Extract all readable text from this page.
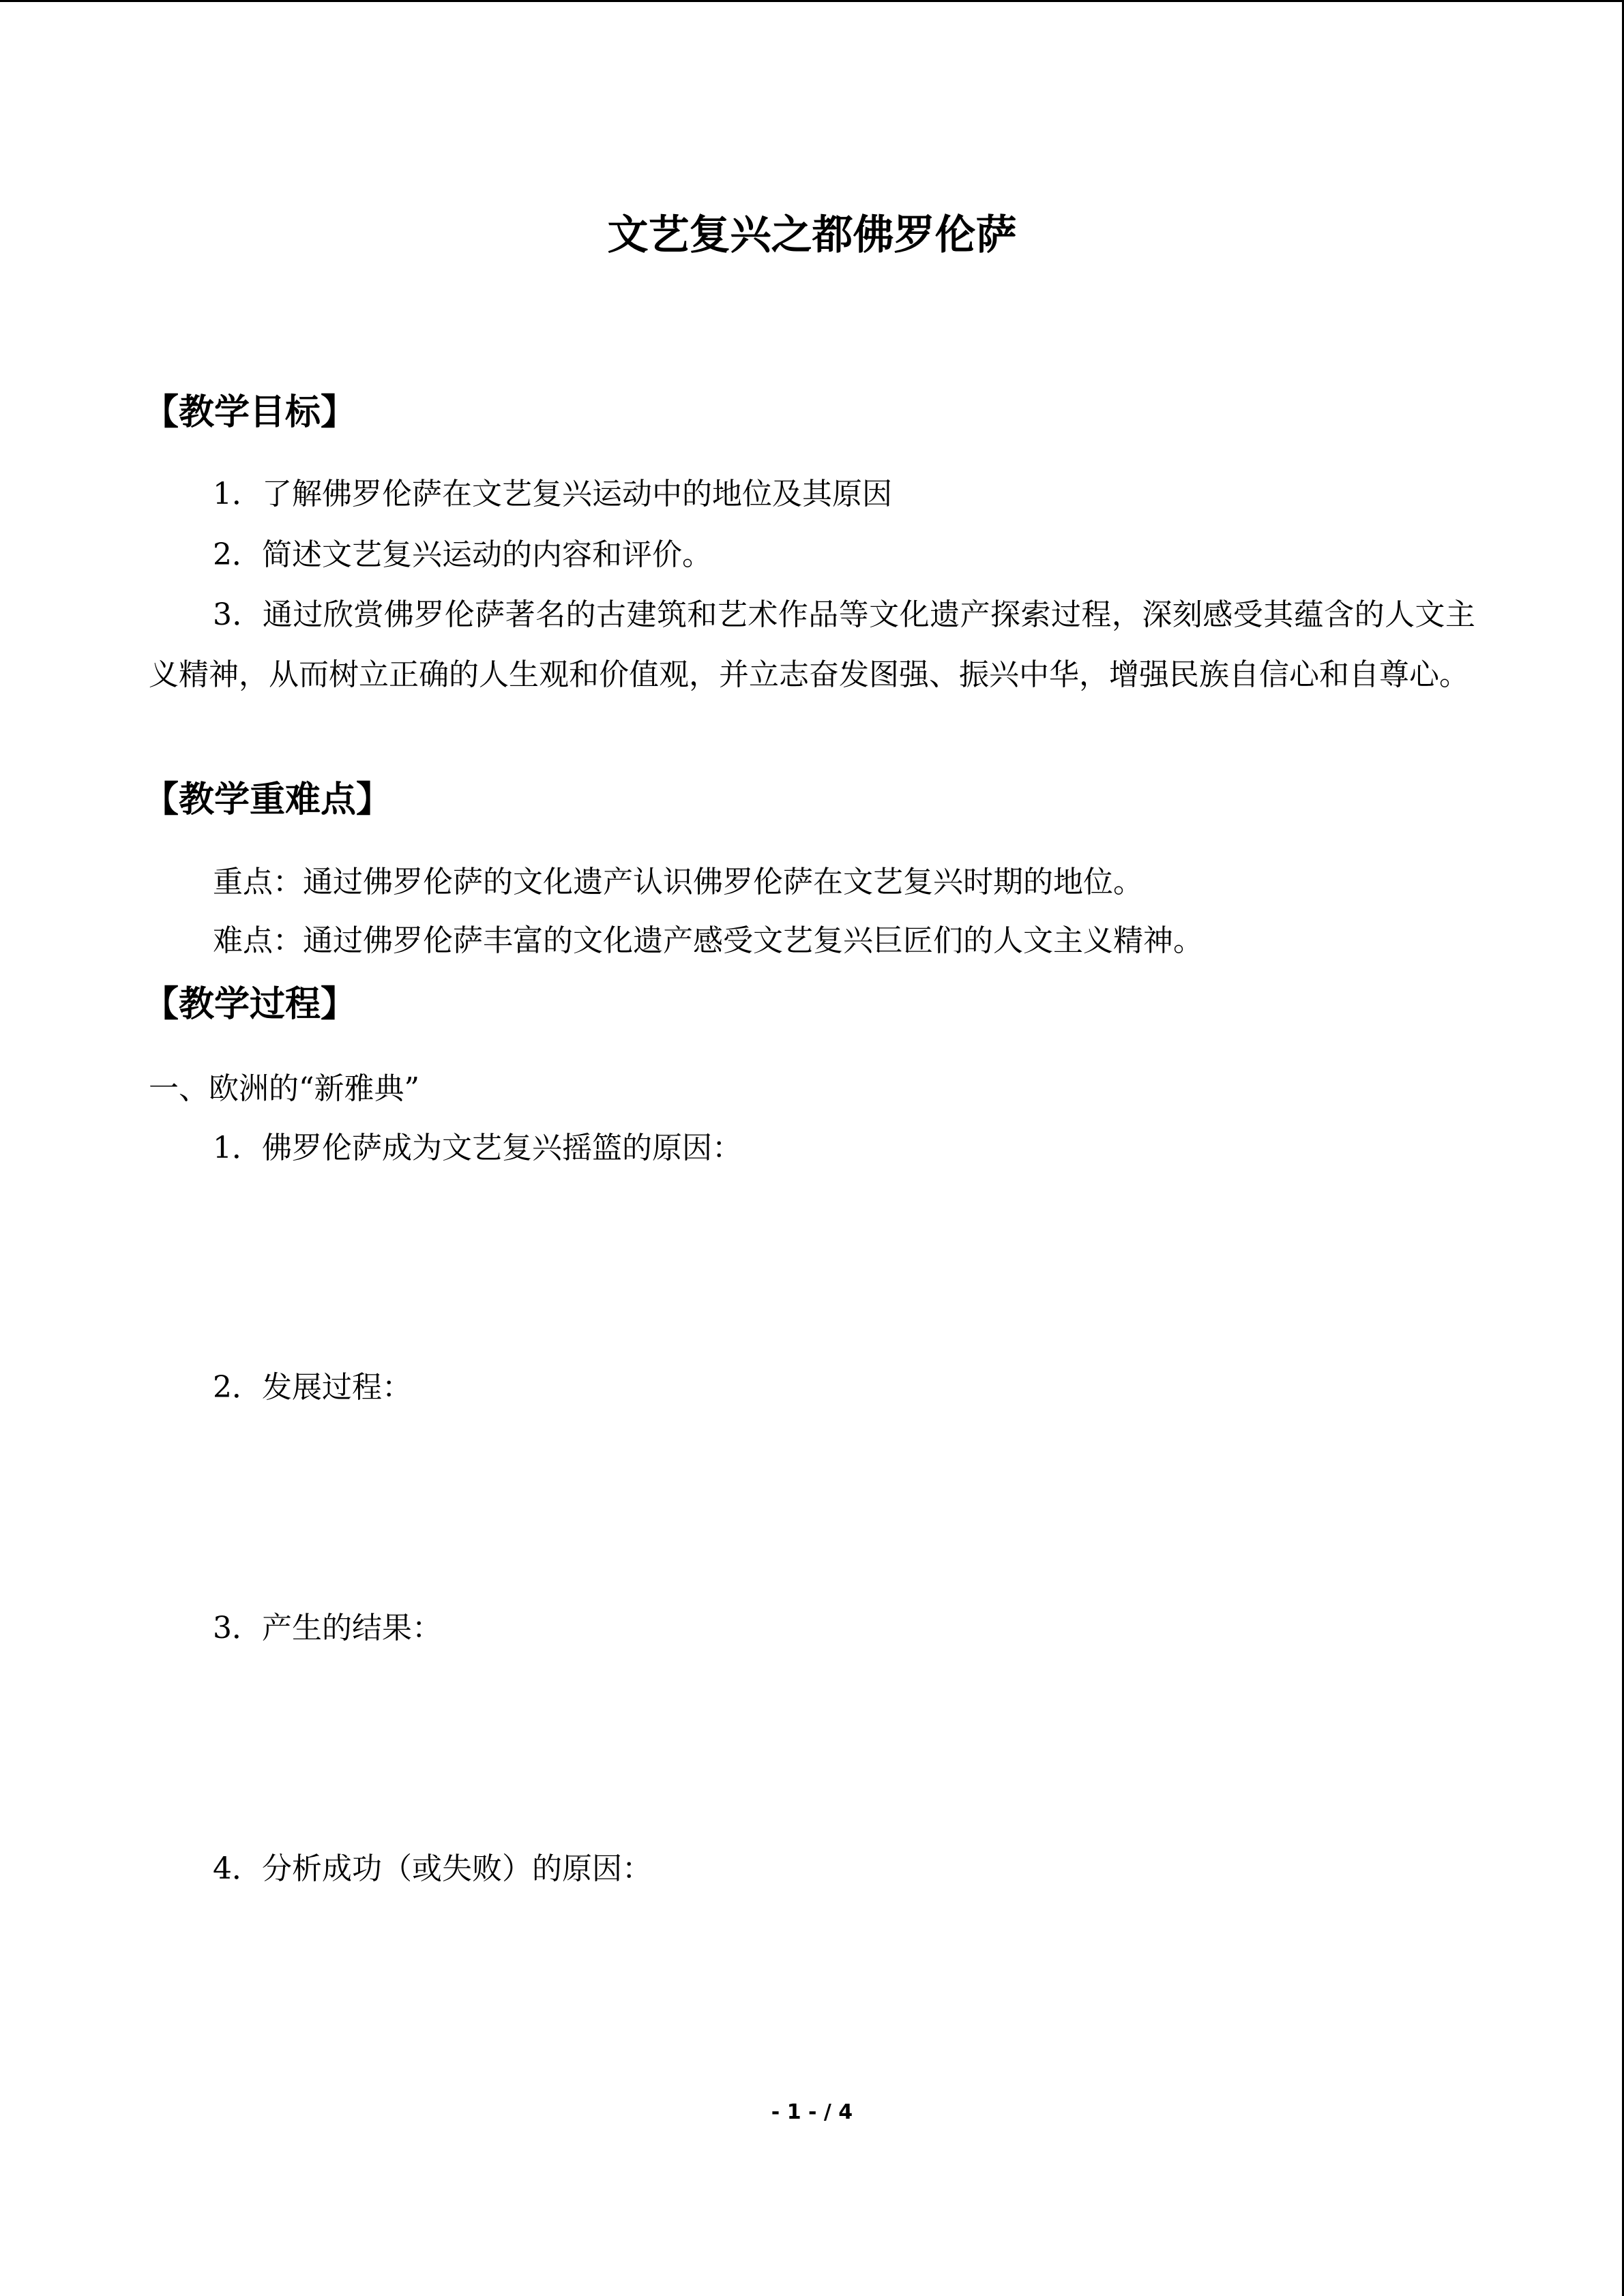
文艺复兴之都佛罗伦萨
【教学目标】
1．了解佛罗伦萨在文艺复兴运动中的地位及其原因
2．简述文艺复兴运动的内容和评价。
3．通过欣赏佛罗伦萨著名的古建筑和艺术作品等文化遗产探索过程，深刻感受其蕴含的人文主义精神，从而树立正确的人生观和价值观，并立志奋发图强、振兴中华，增强民族自信心和自尊心。
【教学重难点】
重点：通过佛罗伦萨的文化遗产认识佛罗伦萨在文艺复兴时期的地位。
难点：通过佛罗伦萨丰富的文化遗产感受文艺复兴巨匠们的人文主义精神。
【教学过程】
一、欧洲的“新雅典”
1．佛罗伦萨成为文艺复兴摇篮的原因：
2．发展过程：
3．产生的结果：
4．分析成功（或失败）的原因：
- 1 - / 4
